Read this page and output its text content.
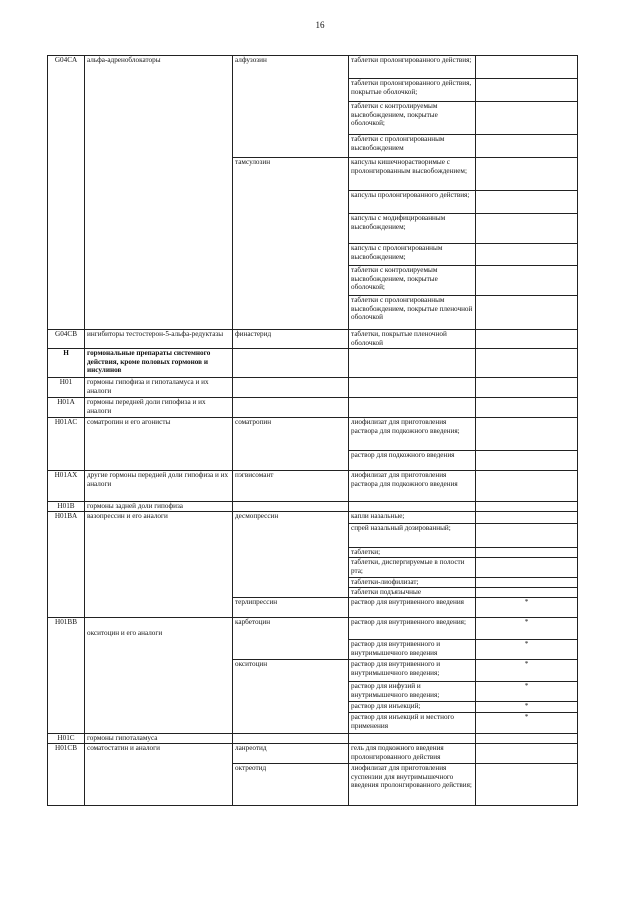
16
G04CA	альфа-адреноблокаторы	алфузозин	таблетки пролонгированного действия;	
			таблетки пролонгированного действия, покрытые оболочкой;	
			таблетки с контролируемым высвобождением, покрытые оболочкой;	
			таблетки с пролонгированным высвобождением	
		тамсулозин	капсулы кишечнорастворимые с пролонгированным высвобождением;	
			капсулы пролонгированного действия;	
			капсулы с модифицированным высвобождением;	
			капсулы с пролонгированным высвобождением;	
			таблетки с контролируемым высвобождением, покрытые оболочкой;	
			таблетки с пролонгированным высвобождением, покрытые пленочной оболочкой	
G04CB	ингибиторы тестостерон-5-альфа-редуктазы	финастерид	таблетки, покрытые пленочной оболочкой	
H	гормональные препараты системного действия, кроме половых гормонов и инсулинов			
H01	гормоны гипофиза и гипоталамуса и их аналоги			
H01A	гормоны передней доли гипофиза и их аналоги			
H01AC	соматропин и его агонисты	соматропин	лиофилизат для приготовления раствора для подкожного введения;	
			раствор для подкожного введения	
H01AX	другие гормоны передней доли гипофиза и их аналоги	пэгвисомант	лиофилизат для приготовления раствора для подкожного введения	
H01B	гормоны задней доли гипофиза			
H01BA	вазопрессин и его аналоги	десмопрессин	капли назальные;	
			спрей назальный дозированный;	
			таблетки;	
			таблетки, диспергируемые в полости рта;	
			таблетки-лиофилизат;	
			таблетки подъязычные	
		терлипрессин	раствор для внутривенного введения	*
H01BB	окситоцин и его аналоги	карбетоцин	раствор для внутривенного введения;	*
			раствор для внутривенного и внутримышечного введения	*
		окситоцин	раствор для внутривенного и внутримышечного введения;	*
			раствор для инфузий и внутримышечного введения;	*
			раствор для инъекций;	*
			раствор для инъекций и местного применения	*
H01C	гормоны гипоталамуса			
H01CB	соматостатин и аналоги	ланреотид	гель для подкожного введения пролонгированного действия	
		октреотид	лиофилизат для приготовления суспензии для внутримышечного введения пролонгированного действия;	
